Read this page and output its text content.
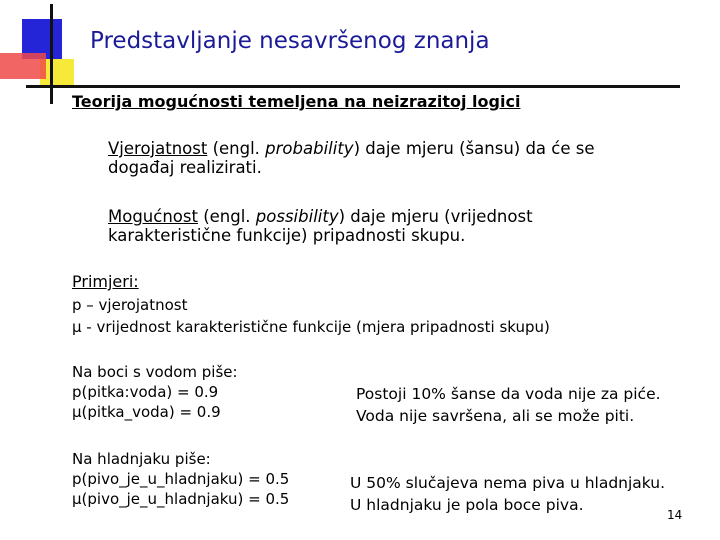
Predstavljanje nesavršenog znanja
Teorija mogućnosti temeljena na neizrazitoj logici
Vjerojatnost (engl. probability) daje mjeru (šansu) da će se
događaj realizirati.
Mogućnost (engl. possibility) daje mjeru (vrijednost
karakteristične funkcije) pripadnosti skupu.
Primjeri:
p – vjerojatnost
µ - vrijednost karakteristične funkcije (mjera pripadnosti skupu)
Na boci s vodom piše:
p(pitka:voda) = 0.9
µ(pitka_voda) = 0.9
Postoji 10% šanse da voda nije za piće.
Voda nije savršena, ali se može piti.
Na hladnjaku piše:
p(pivo_je_u_hladnjaku) = 0.5
µ(pivo_je_u_hladnjaku) = 0.5
U 50% slučajeva nema piva u hladnjaku.
U hladnjaku je pola boce piva.
14
